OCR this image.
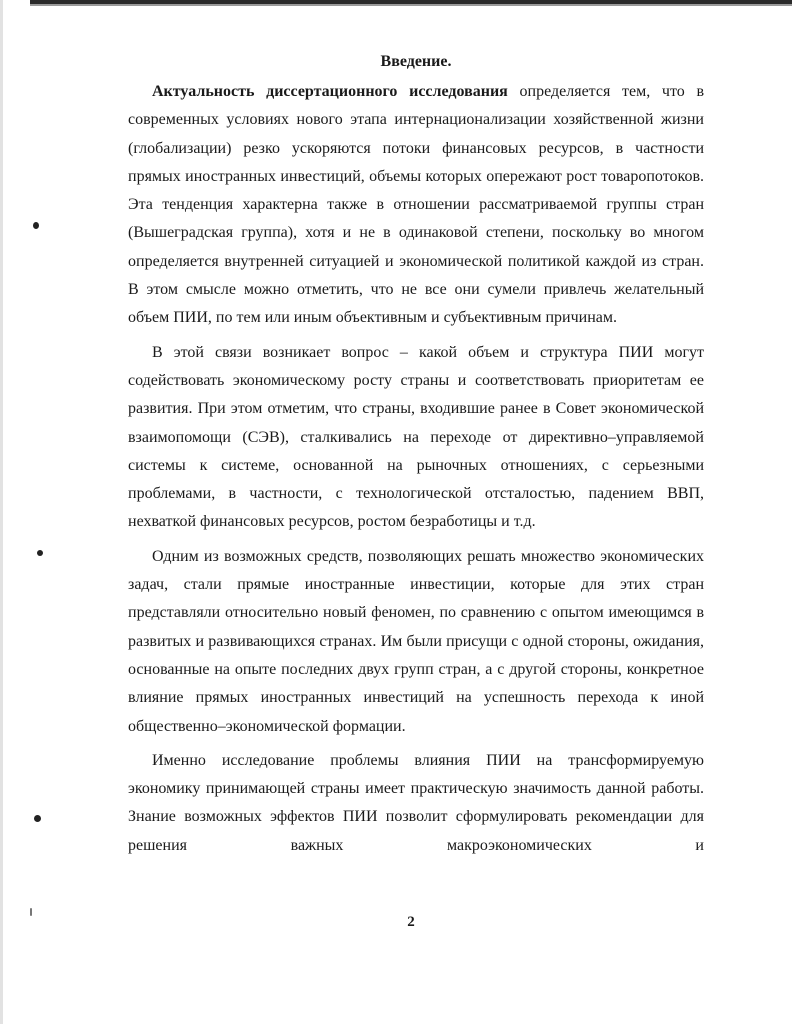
Введение.

Актуальность диссертационного исследования определяется тем, что в современных условиях нового этапа интернационализации хозяйственной жизни (глобализации) резко ускоряются потоки финансовых ресурсов, в частности прямых иностранных инвестиций, объемы которых опережают рост товаропотоков. Эта тенденция характерна также в отношении рассматриваемой группы стран (Вышеградская группа), хотя и не в одинаковой степени, поскольку во многом определяется внутренней ситуацией и экономической политикой каждой из стран. В этом смысле можно отметить, что не все они сумели привлечь желательный объем ПИИ, по тем или иным объективным и субъективным причинам.

В этой связи возникает вопрос – какой объем и структура ПИИ могут содействовать экономическому росту страны и соответствовать приоритетам ее развития. При этом отметим, что страны, входившие ранее в Совет экономической взаимопомощи (СЭВ), сталкивались на переходе от директивно–управляемой системы к системе, основанной на рыночных отношениях, с серьезными проблемами, в частности, с технологической отсталостью, падением ВВП, нехваткой финансовых ресурсов, ростом безработицы и т.д.

Одним из возможных средств, позволяющих решать множество экономических задач, стали прямые иностранные инвестиции, которые для этих стран представляли относительно новый феномен, по сравнению с опытом имеющимся в развитых и развивающихся странах. Им были присущи с одной стороны, ожидания, основанные на опыте последних двух групп стран, а с другой стороны, конкретное влияние прямых иностранных инвестиций на успешность перехода к иной общественно–экономической формации.

Именно исследование проблемы влияния ПИИ на трансформируемую экономику принимающей страны имеет практическую значимость данной работы. Знание возможных эффектов ПИИ позволит сформулировать рекомендации для решения важных макроэкономических и

2
